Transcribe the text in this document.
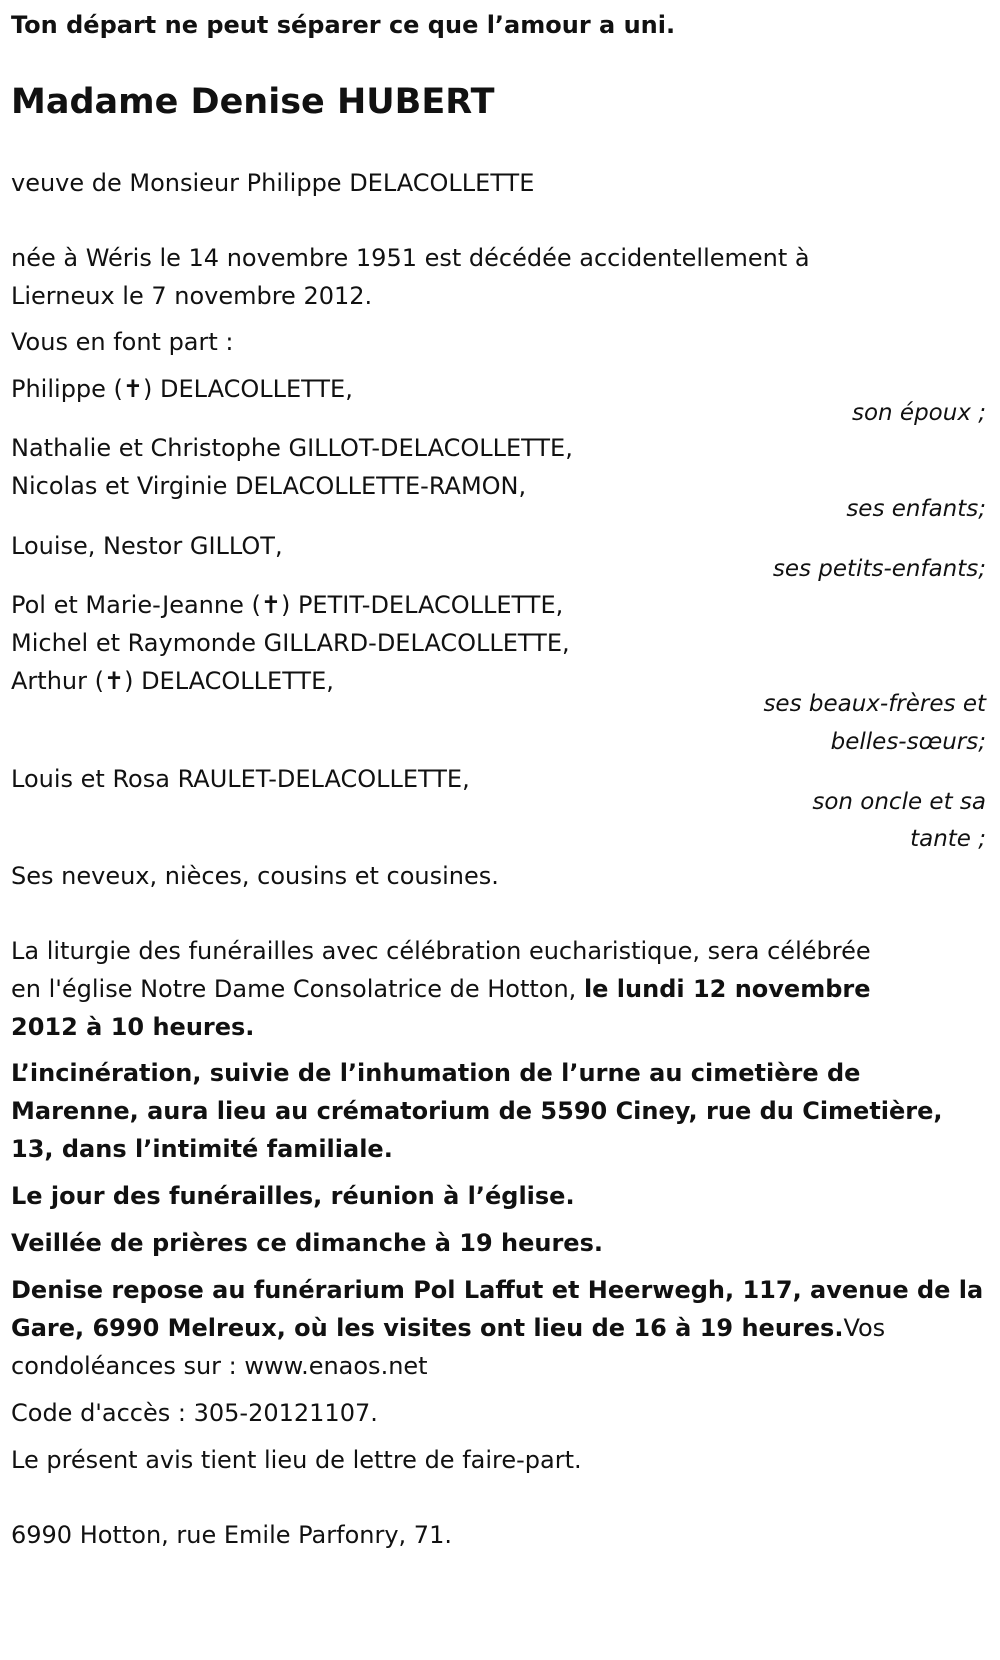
Ton départ ne peut séparer ce que l’amour a uni.

Madame Denise HUBERT

veuve de Monsieur Philippe DELACOLLETTE

née à Wéris le 14 novembre 1951 est décédée accidentellement à

Lierneux le 7 novembre 2012.

Vous en font part :

Philippe (✝) DELACOLLETTE,

son époux ;

Nathalie et Christophe GILLOT-DELACOLLETTE,

Nicolas et Virginie DELACOLLETTE-RAMON,

ses enfants;

Louise, Nestor GILLOT,

ses petits-enfants;

Pol et Marie-Jeanne (✝) PETIT-DELACOLLETTE,

Michel et Raymonde GILLARD-DELACOLLETTE,

Arthur (✝) DELACOLLETTE,

ses beaux-frères et

belles-sœurs;

Louis et Rosa RAULET-DELACOLLETTE,

son oncle et sa

tante ;

Ses neveux, nièces, cousins et cousines.

La liturgie des funérailles avec célébration eucharistique, sera célébrée

en l'église Notre Dame Consolatrice de Hotton, le lundi 12 novembre

2012 à 10 heures.

L’incinération, suivie de l’inhumation de l’urne au cimetière de

Marenne, aura lieu au crématorium de 5590 Ciney, rue du Cimetière,

13, dans l’intimité familiale.

Le jour des funérailles, réunion à l’église.

Veillée de prières ce dimanche à 19 heures.

Denise repose au funérarium Pol Laffut et Heerwegh, 117, avenue de la

Gare, 6990 Melreux, où les visites ont lieu de 16 à 19 heures.Vos

condoléances sur : www.enaos.net

Code d'accès : 305-20121107.

Le présent avis tient lieu de lettre de faire-part.

6990 Hotton, rue Emile Parfonry, 71.
